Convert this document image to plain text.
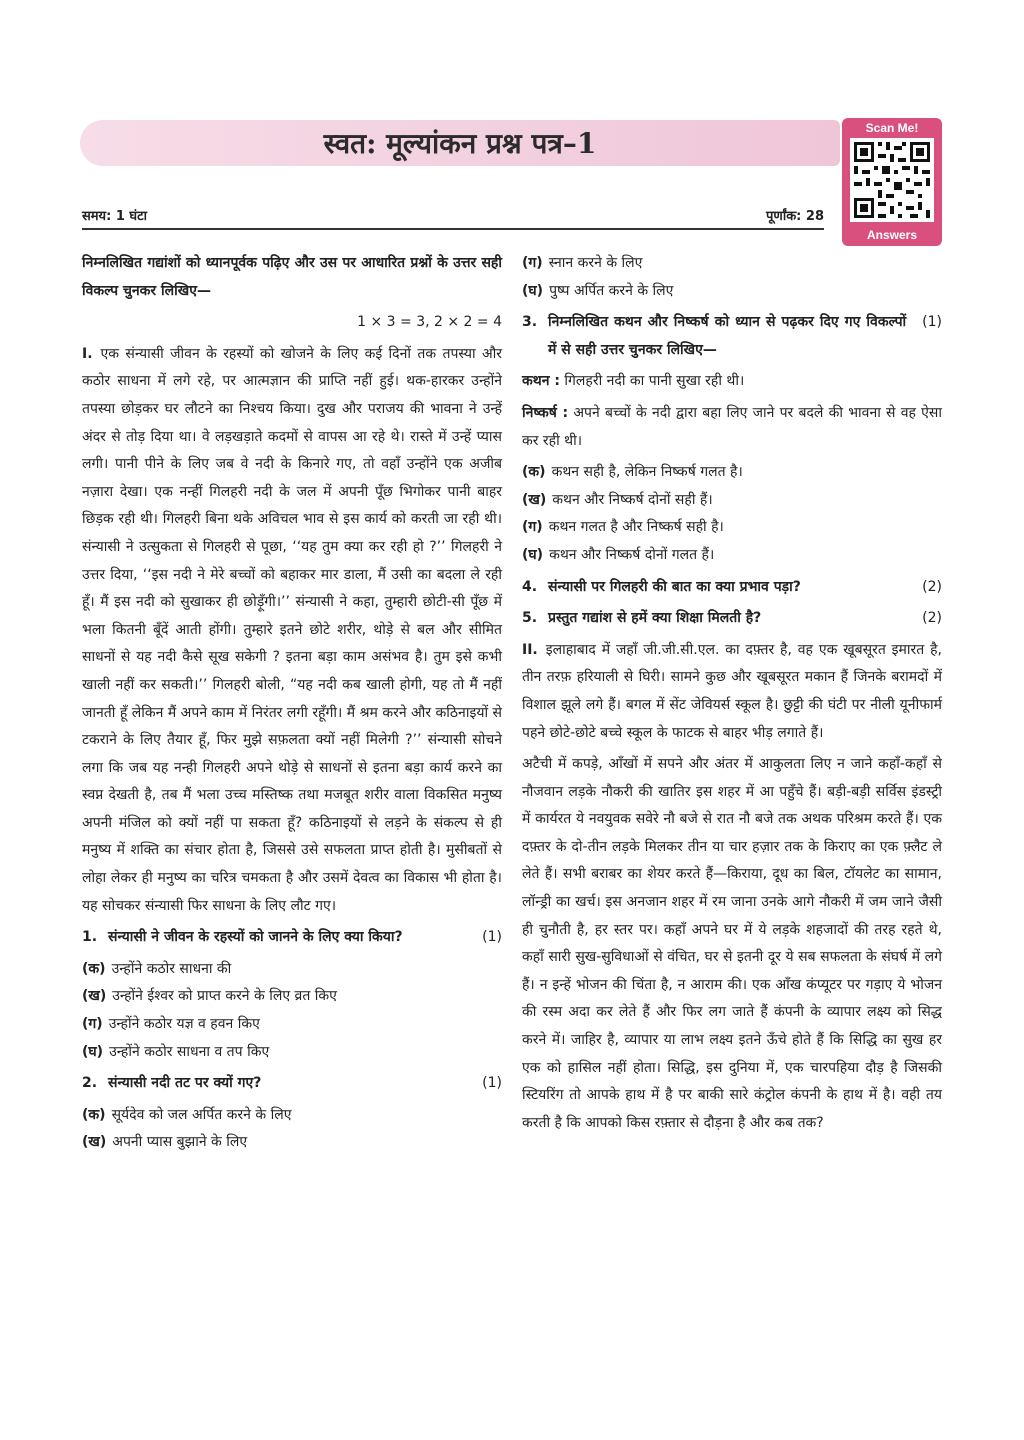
स्वत: मूल्यांकन प्रश्न पत्र–1	Scan Me!
Answers
समय: 1 घंटा	पूर्णांक: 28

निम्नलिखित गद्यांशों को ध्यानपूर्वक पढ़िए और उस पर आधारित प्रश्नों के उत्तर सही विकल्प चुनकर लिखिए—

1 × 3 = 3, 2 × 2 = 4

I. एक संन्यासी जीवन के रहस्यों को खोजने के लिए कई दिनों तक तपस्या और कठोर साधना में लगे रहे, पर आत्मज्ञान की प्राप्ति नहीं हुई। थक-हारकर उन्होंने तपस्या छोड़कर घर लौटने का निश्चय किया। दुख और पराजय की भावना ने उन्हें अंदर से तोड़ दिया था। वे लड़खड़ाते कदमों से वापस आ रहे थे। रास्ते में उन्हें प्यास लगी। पानी पीने के लिए जब वे नदी के किनारे गए, तो वहाँ उन्होंने एक अजीब नज़ारा देखा। एक नन्हीं गिलहरी नदी के जल में अपनी पूँछ भिगोकर पानी बाहर छिड़क रही थी। गिलहरी बिना थके अविचल भाव से इस कार्य को करती जा रही थी। संन्यासी ने उत्सुकता से गिलहरी से पूछा, ‘‘यह तुम क्या कर रही हो ?’’ गिलहरी ने उत्तर दिया, ‘‘इस नदी ने मेरे बच्चों को बहाकर मार डाला, मैं उसी का बदला ले रही हूँ। मैं इस नदी को सुखाकर ही छोड़ूँगी।’’ संन्यासी ने कहा, तुम्हारी छोटी-सी पूँछ में भला कितनी बूँदें आती होंगी। तुम्हारे इतने छोटे शरीर, थोड़े से बल और सीमित साधनों से यह नदी कैसे सूख सकेगी ? इतना बड़ा काम असंभव है। तुम इसे कभी खाली नहीं कर सकती।’’ गिलहरी बोली, “यह नदी कब खाली होगी, यह तो मैं नहीं जानती हूँ लेकिन मैं अपने काम में निरंतर लगी रहूँगी। मैं श्रम करने और कठिनाइयों से टकराने के लिए तैयार हूँ, फिर मुझे सफ़लता क्यों नहीं मिलेगी ?’’ संन्यासी सोचने लगा कि जब यह नन्ही गिलहरी अपने थोड़े से साधनों से इतना बड़ा कार्य करने का स्वप्न देखती है, तब मैं भला उच्च मस्तिष्क तथा मजबूत शरीर वाला विकसित मनुष्य अपनी मंजिल को क्यों नहीं पा सकता हूँ? कठिनाइयों से लड़ने के संकल्प से ही मनुष्य में शक्ति का संचार होता है, जिससे उसे सफलता प्राप्त होती है। मुसीबतों से लोहा लेकर ही मनुष्य का चरित्र चमकता है और उसमें देवत्व का विकास भी होता है। यह सोचकर संन्यासी फिर साधना के लिए लौट गए।

1. संन्यासी ने जीवन के रहस्यों को जानने के लिए क्या किया?	(1)
(क) उन्होंने कठोर साधना की
(ख) उन्होंने ईश्वर को प्राप्त करने के लिए व्रत किए
(ग) उन्होंने कठोर यज्ञ व हवन किए
(घ) उन्होंने कठोर साधना व तप किए
2. संन्यासी नदी तट पर क्यों गए?	(1)
(क) सूर्यदेव को जल अर्पित करने के लिए
(ख) अपनी प्यास बुझाने के लिए
(ग) स्नान करने के लिए
(घ) पुष्प अर्पित करने के लिए
3. निम्नलिखित कथन और निष्कर्ष को ध्यान से पढ़कर दिए गए विकल्पों में से सही उत्तर चुनकर लिखिए—
(1)

कथन : गिलहरी नदी का पानी सुखा रही थी।

निष्कर्ष : अपने बच्चों के नदी द्वारा बहा लिए जाने पर बदले की भावना से वह ऐसा कर रही थी।

(क) कथन सही है, लेकिन निष्कर्ष गलत है।
(ख) कथन और निष्कर्ष दोनों सही हैं।
(ग) कथन गलत है और निष्कर्ष सही है।
(घ) कथन और निष्कर्ष दोनों गलत हैं।
4. संन्यासी पर गिलहरी की बात का क्या प्रभाव पड़ा?	(2)
5. प्रस्तुत गद्यांश से हमें क्या शिक्षा मिलती है?	(2)

II. इलाहाबाद में जहाँ जी.जी.सी.एल. का दफ़्तर है, वह एक खूबसूरत इमारत है, तीन तरफ़ हरियाली से घिरी। सामने कुछ और खूबसूरत मकान हैं जिनके बरामदों में विशाल झूले लगे हैं। बगल में सेंट जेवियर्स स्कूल है। छुट्टी की घंटी पर नीली यूनीफार्म पहने छोटे-छोटे बच्चे स्कूल के फाटक से बाहर भीड़ लगाते हैं।

अटैची में कपड़े, आँखों में सपने और अंतर में आकुलता लिए न जाने कहाँ-कहाँ से नौजवान लड़के नौकरी की खातिर इस शहर में आ पहुँचे हैं। बड़ी-बड़ी सर्विस इंडस्ट्री में कार्यरत ये नवयुवक सवेरे नौ बजे से रात नौ बजे तक अथक परिश्रम करते हैं। एक दफ़्तर के दो-तीन लड़के मिलकर तीन या चार हज़ार तक के किराए का एक फ़्लैट ले लेते हैं। सभी बराबर का शेयर करते हैं—किराया, दूध का बिल, टॉयलेट का सामान, लॉन्ड्री का खर्च। इस अनजान शहर में रम जाना उनके आगे नौकरी में जम जाने जैसी ही चुनौती है, हर स्तर पर। कहाँ अपने घर में ये लड़के शहजादों की तरह रहते थे, कहाँ सारी सुख-सुविधाओं से वंचित, घर से इतनी दूर ये सब सफलता के संघर्ष में लगे हैं। न इन्हें भोजन की चिंता है, न आराम की। एक आँख कंप्यूटर पर गड़ाए ये भोजन की रस्म अदा कर लेते हैं और फिर लग जाते हैं कंपनी के व्यापार लक्ष्य को सिद्ध करने में। जाहिर है, व्यापार या लाभ लक्ष्य इतने ऊँचे होते हैं कि सिद्धि का सुख हर एक को हासिल नहीं होता। सिद्धि, इस दुनिया में, एक चारपहिया दौड़ है जिसकी स्टियरिंग तो आपके हाथ में है पर बाकी सारे कंट्रोल कंपनी के हाथ में है। वही तय करती है कि आपको किस रफ़्तार से दौड़ना है और कब तक?
